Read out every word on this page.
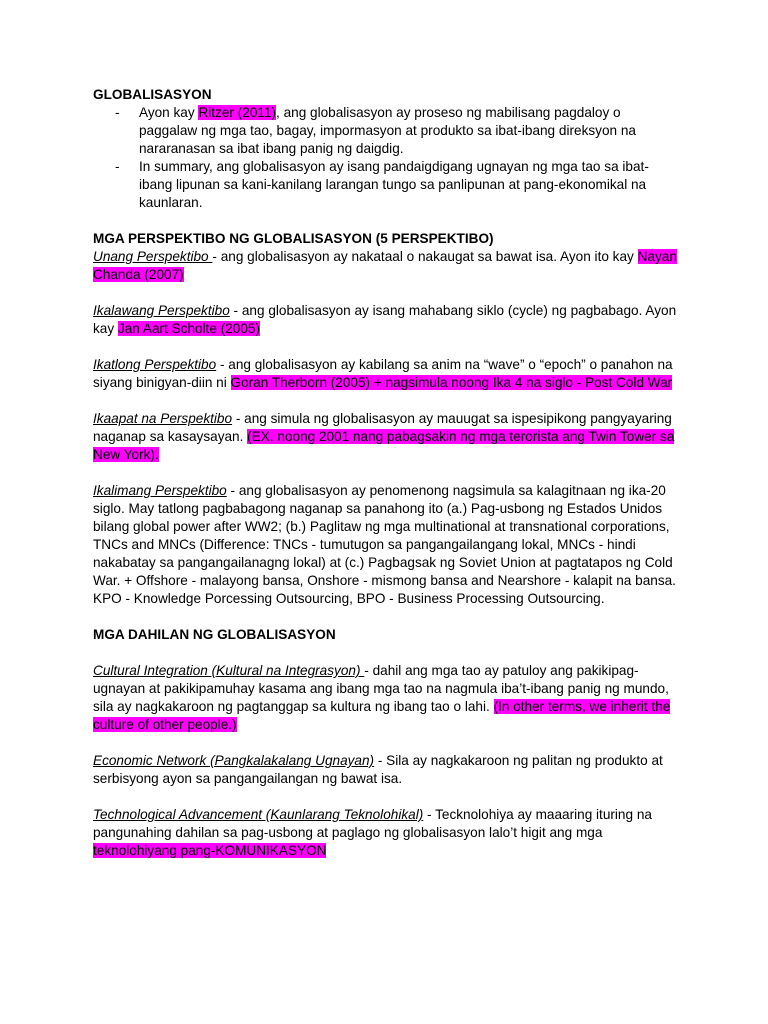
GLOBALISASYON

-	Ayon kay Ritzer (2011), ang globalisasyon ay proseso ng mabilisang pagdaloy o paggalaw ng mga tao, bagay, impormasyon at produkto sa ibat-ibang direksyon na nararanasan sa ibat ibang panig ng daigdig.
-	In summary, ang globalisasyon ay isang pandaigdigang ugnayan ng mga tao sa ibat-ibang lipunan sa kani-kanilang larangan tungo sa panlipunan at pang-ekonomikal na kaunlaran.

MGA PERSPEKTIBO NG GLOBALISASYON (5 PERSPEKTIBO)

Unang Perspektibo - ang globalisasyon ay nakataal o nakaugat sa bawat isa. Ayon ito kay Nayan Chanda (2007)

Ikalawang Perspektibo - ang globalisasyon ay isang mahabang siklo (cycle) ng pagbabago. Ayon kay Jan Aart Scholte (2005)

Ikatlong Perspektibo - ang globalisasyon ay kabilang sa anim na “wave” o “epoch” o panahon na siyang binigyan-diin ni Goran Therborn (2005) + nagsimula noong Ika 4 na siglo - Post Cold War

Ikaapat na Perspektibo - ang simula ng globalisasyon ay mauugat sa ispesipikong pangyayaring naganap sa kasaysayan. (EX. noong 2001 nang pabagsakin ng mga terorista ang Twin Tower sa New York).

Ikalimang Perspektibo - ang globalisasyon ay penomenong nagsimula sa kalagitnaan ng ika-20 siglo. May tatlong pagbabagong naganap sa panahong ito (a.) Pag-usbong ng Estados Unidos bilang global power after WW2; (b.) Paglitaw ng mga multinational at transnational corporations, TNCs and MNCs (Difference: TNCs - tumutugon sa pangangailangang lokal, MNCs - hindi nakabatay sa pangangailanagng lokal) at (c.) Pagbagsak ng Soviet Union at pagtatapos ng Cold War. + Offshore - malayong bansa, Onshore - mismong bansa and Nearshore - kalapit na bansa. KPO - Knowledge Porcessing Outsourcing, BPO - Business Processing Outsourcing.

MGA DAHILAN NG GLOBALISASYON

Cultural Integration (Kultural na Integrasyon) - dahil ang mga tao ay patuloy ang pakikipag-ugnayan at pakikipamuhay kasama ang ibang mga tao na nagmula iba’t-ibang panig ng mundo, sila ay nagkakaroon ng pagtanggap sa kultura ng ibang tao o lahi. (In other terms, we inherit the culture of other people.)

Economic Network (Pangkalakalang Ugnayan) - Sila ay nagkakaroon ng palitan ng produkto at serbisyong ayon sa pangangailangan ng bawat isa.

Technological Advancement (Kaunlarang Teknolohikal) - Tecknolohiya ay maaaring ituring na pangunahing dahilan sa pag-usbong at paglago ng globalisasyon lalo’t higit ang mga teknolohiyang pang-KOMUNIKASYON
